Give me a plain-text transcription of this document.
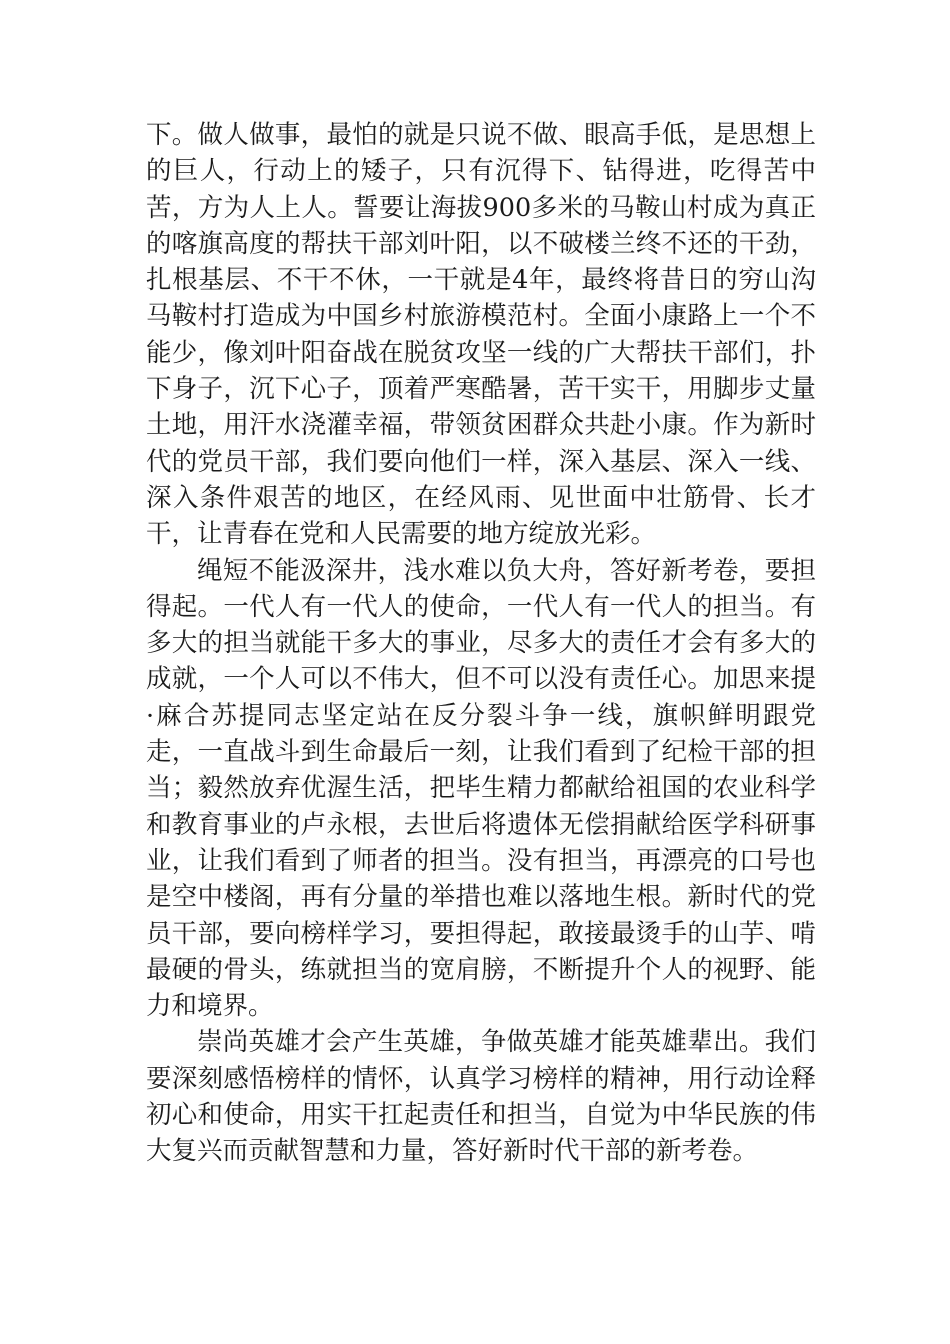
下。做人做事，最怕的就是只说不做、眼高手低，是思想上的巨人，行动上的矮子，只有沉得下、钻得进，吃得苦中苦，方为人上人。誓要让海拔900多米的马鞍山村成为真正的喀旗高度的帮扶干部刘叶阳，以不破楼兰终不还的干劲，扎根基层、不干不休，一干就是4年，最终将昔日的穷山沟马鞍村打造成为中国乡村旅游模范村。全面小康路上一个不能少，像刘叶阳奋战在脱贫攻坚一线的广大帮扶干部们，扑下身子，沉下心子，顶着严寒酷暑，苦干实干，用脚步丈量土地，用汗水浇灌幸福，带领贫困群众共赴小康。作为新时代的党员干部，我们要向他们一样，深入基层、深入一线、深入条件艰苦的地区，在经风雨、见世面中壮筋骨、长才干，让青春在党和人民需要的地方绽放光彩。

绳短不能汲深井，浅水难以负大舟，答好新考卷，要担得起。一代人有一代人的使命，一代人有一代人的担当。有多大的担当就能干多大的事业，尽多大的责任才会有多大的成就，一个人可以不伟大，但不可以没有责任心。加思来提·麻合苏提同志坚定站在反分裂斗争一线，旗帜鲜明跟党走，一直战斗到生命最后一刻，让我们看到了纪检干部的担当；毅然放弃优渥生活，把毕生精力都献给祖国的农业科学和教育事业的卢永根，去世后将遗体无偿捐献给医学科研事业，让我们看到了师者的担当。没有担当，再漂亮的口号也是空中楼阁，再有分量的举措也难以落地生根。新时代的党员干部，要向榜样学习，要担得起，敢接最烫手的山芋、啃最硬的骨头，练就担当的宽肩膀，不断提升个人的视野、能力和境界。

崇尚英雄才会产生英雄，争做英雄才能英雄辈出。我们要深刻感悟榜样的情怀，认真学习榜样的精神，用行动诠释初心和使命，用实干扛起责任和担当，自觉为中华民族的伟大复兴而贡献智慧和力量，答好新时代干部的新考卷。
